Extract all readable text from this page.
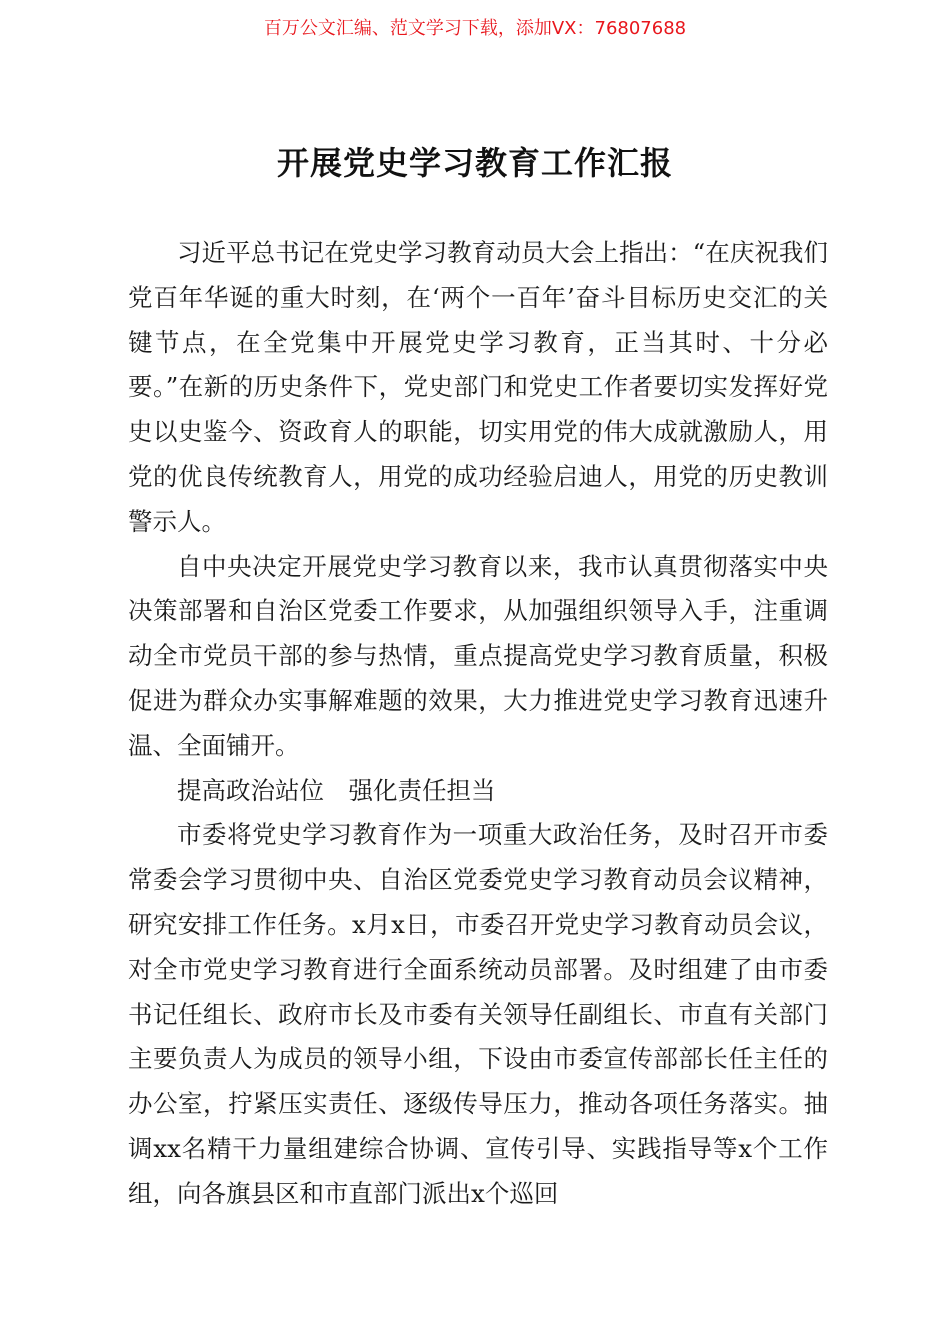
百万公文汇编、范文学习下载，添加VX：76807688
开展党史学习教育工作汇报

习近平总书记在党史学习教育动员大会上指出：“在庆祝我们党百年华诞的重大时刻，在‘两个一百年’奋斗目标历史交汇的关键节点，在全党集中开展党史学习教育，正当其时、十分必要。”在新的历史条件下，党史部门和党史工作者要切实发挥好党史以史鉴今、资政育人的职能，切实用党的伟大成就激励人，用党的优良传统教育人，用党的成功经验启迪人，用党的历史教训警示人。

自中央决定开展党史学习教育以来，我市认真贯彻落实中央决策部署和自治区党委工作要求，从加强组织领导入手，注重调动全市党员干部的参与热情，重点提高党史学习教育质量，积极促进为群众办实事解难题的效果，大力推进党史学习教育迅速升温、全面铺开。

提高政治站位　强化责任担当

市委将党史学习教育作为一项重大政治任务，及时召开市委常委会学习贯彻中央、自治区党委党史学习教育动员会议精神，研究安排工作任务。x月x日，市委召开党史学习教育动员会议，对全市党史学习教育进行全面系统动员部署。及时组建了由市委书记任组长、政府市长及市委有关领导任副组长、市直有关部门主要负责人为成员的领导小组，下设由市委宣传部部长任主任的办公室，拧紧压实责任、逐级传导压力，推动各项任务落实。抽调xx名精干力量组建综合协调、宣传引导、实践指导等x个工作组，向各旗县区和市直部门派出x个巡回
